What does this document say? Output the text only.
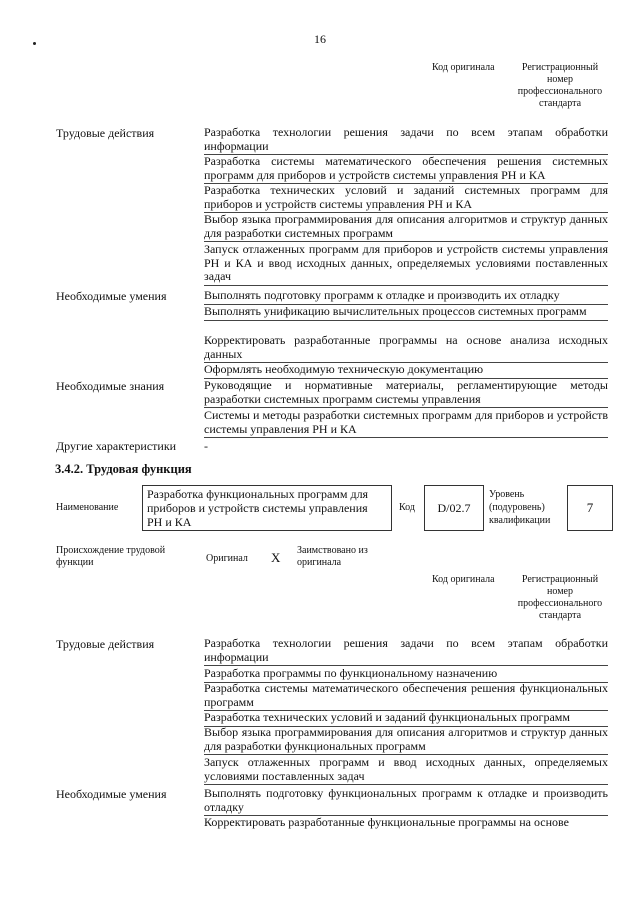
16
Код оригинала	Регистрационный
номер
профессионального
стандарта
Трудовые действия	Разработка технологии решения задачи по всем этапам обработки информации
Разработка системы математического обеспечения решения системных программ для приборов и устройств системы управления РН и КА
Разработка технических условий и заданий системных программ для приборов и устройств системы управления РН и КА
Выбор языка программирования для описания алгоритмов и структур данных для разработки системных программ
Запуск отлаженных программ для приборов и устройств системы управления РН и КА и ввод исходных данных, определяемых условиями поставленных задач
Необходимые умения	Выполнять подготовку программ к отладке и производить их отладку
Выполнять унификацию вычислительных процессов системных программ
Корректировать разработанные программы на основе анализа исходных данных
Оформлять необходимую техническую документацию
Необходимые знания	Руководящие и нормативные материалы, регламентирующие методы разработки системных программ системы управления
Системы и методы разработки системных программ для приборов и устройств системы управления РН и КА
Другие характеристики -
3.4.2. Трудовая функция
Наименование
Разработка функциональных программ для приборов и устройств системы управления РН и КА
Код	D/02.7
Уровень
(подуровень)
квалификации
7
Происхождение трудовой
функции	Оригинал X Заимствовано из
оригинала
Код оригинала	Регистрационный
номер
профессионального
стандарта
Трудовые действия	Разработка технологии решения задачи по всем этапам обработки информации
Разработка программы по функциональному назначению
Разработка системы математического обеспечения решения функциональных программ
Разработка технических условий и заданий функциональных программ
Выбор языка программирования для описания алгоритмов и структур данных для разработки функциональных программ
Запуск отлаженных программ и ввод исходных данных, определяемых условиями поставленных задач
Необходимые умения	Выполнять подготовку функциональных программ к отладке и производить отладку
Корректировать разработанные функциональные программы на основе
